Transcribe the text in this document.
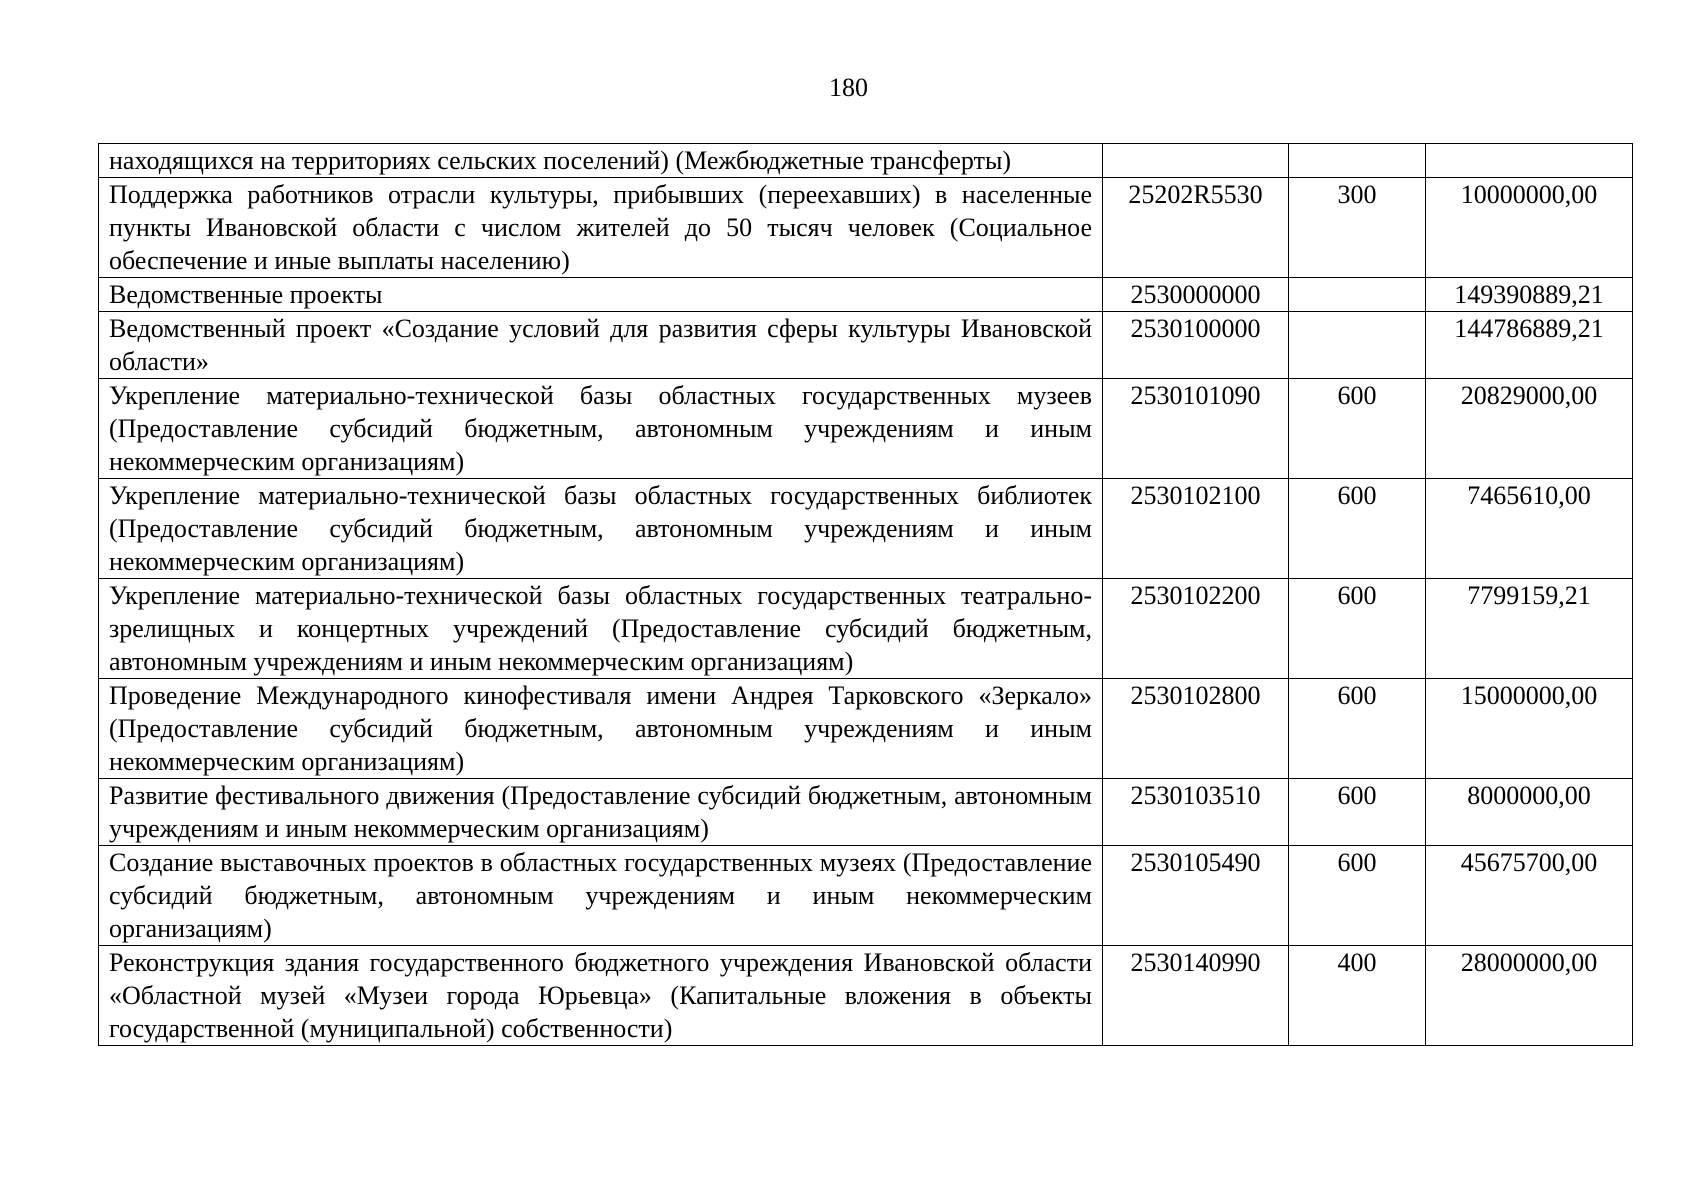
180
находящихся на территориях сельских поселений) (Межбюджетные трансферты)			
Поддержка работников отрасли культуры, прибывших (переехавших) в населенные пункты Ивановской области с числом жителей до 50 тысяч человек (Социальное обеспечение и иные выплаты населению)	25202R5530	300	10000000,00
Ведомственные проекты	2530000000		149390889,21
Ведомственный проект «Создание условий для развития сферы культуры Ивановской области»	2530100000		144786889,21
Укрепление материально-технической базы областных государственных музеев (Предоставление субсидий бюджетным, автономным учреждениям и иным некоммерческим организациям)	2530101090	600	20829000,00
Укрепление материально-технической базы областных государственных библиотек (Предоставление субсидий бюджетным, автономным учреждениям и иным некоммерческим организациям)	2530102100	600	7465610,00
Укрепление материально-технической базы областных государственных театрально-зрелищных и концертных учреждений (Предоставление субсидий бюджетным, автономным учреждениям и иным некоммерческим организациям)	2530102200	600	7799159,21
Проведение Международного кинофестиваля имени Андрея Тарковского «Зеркало» (Предоставление субсидий бюджетным, автономным учреждениям и иным некоммерческим организациям)	2530102800	600	15000000,00
Развитие фестивального движения (Предоставление субсидий бюджетным, автономным учреждениям и иным некоммерческим организациям)	2530103510	600	8000000,00
Создание выставочных проектов в областных государственных музеях (Предоставление субсидий бюджетным, автономным учреждениям и иным некоммерческим организациям)	2530105490	600	45675700,00
Реконструкция здания государственного бюджетного учреждения Ивановской области «Областной музей «Музеи города Юрьевца» (Капитальные вложения в объекты государственной (муниципальной) собственности)	2530140990	400	28000000,00
